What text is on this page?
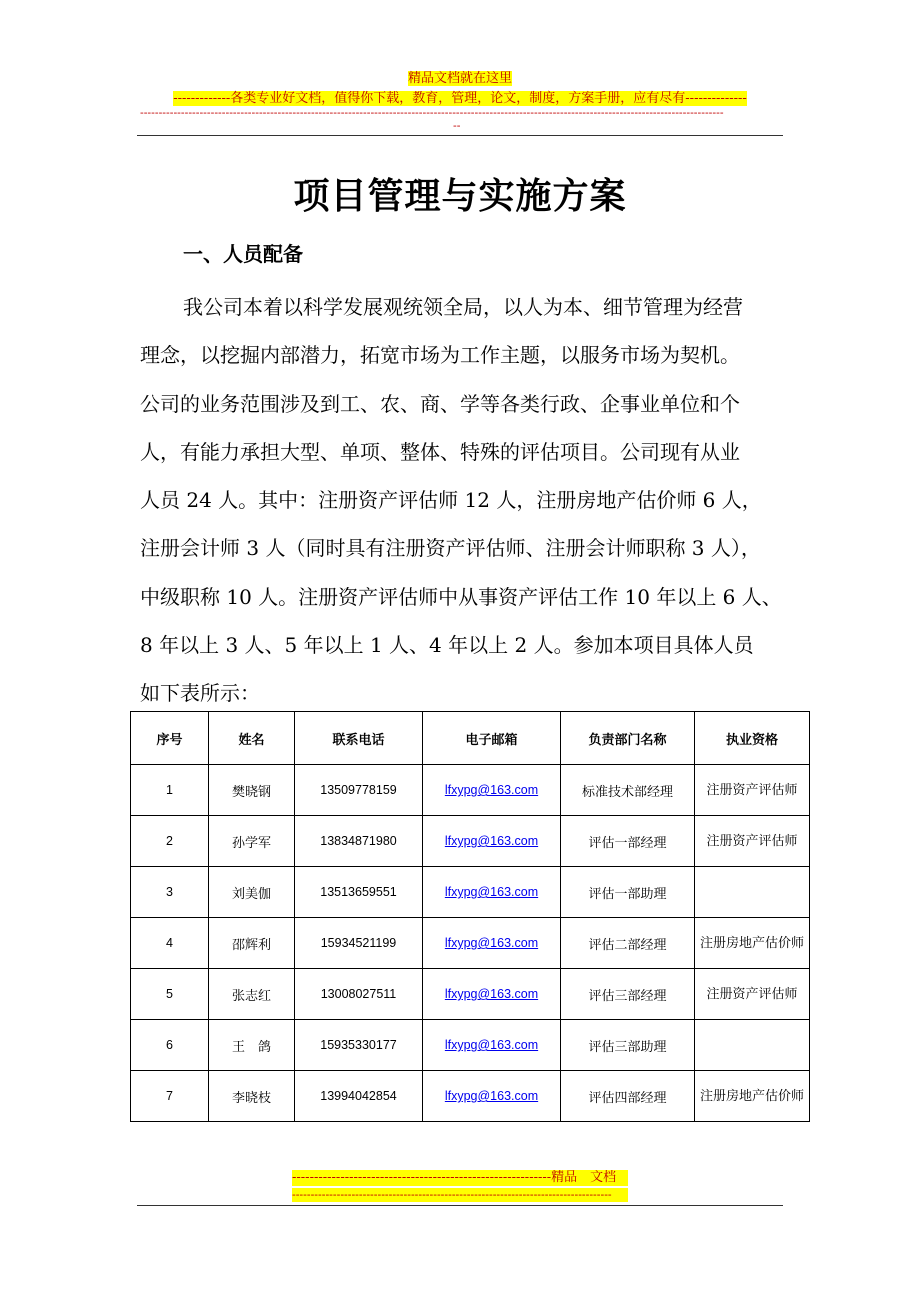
精品文档就在这里
-------------各类专业好文档，值得你下载，教育，管理，论文，制度，方案手册，应有尽有--------------
-------------------------------------------------------------------------------------------------------------------------------------------------------------
--
项目管理与实施方案
一、人员配备

我公司本着以科学发展观统领全局，以人为本、细节管理为经营
理念，以挖掘内部潜力，拓宽市场为工作主题，以服务市场为契机。
公司的业务范围涉及到工、农、商、学等各类行政、企事业单位和个
人，有能力承担大型、单项、整体、特殊的评估项目。公司现有从业
人员 24 人。其中：注册资产评估师 12 人，注册房地产估价师 6 人，
注册会计师 3 人（同时具有注册资产评估师、注册会计师职称 3 人），
中级职称 10 人。注册资产评估师中从事资产评估工作 10 年以上 6 人、
8 年以上 3 人、5 年以上 1 人、4 年以上 2 人。参加本项目具体人员
如下表所示：

序号	姓名	联系电话	电子邮箱	负责部门名称	执业资格
1	樊晓钢	13509778159	lfxypg@163.com	标准技术部经理	注册资产评估师
2	孙学军	13834871980	lfxypg@163.com	评估一部经理	注册资产评估师
3	刘美伽	13513659551	lfxypg@163.com	评估一部助理	
4	邵辉利	15934521199	lfxypg@163.com	评估二部经理	注册房地产估价师
5	张志红	13008027511	lfxypg@163.com	评估三部经理	注册资产评估师
6	王　鸽	15935330177	lfxypg@163.com	评估三部助理	
7	李晓枝	13994042854	lfxypg@163.com	评估四部经理	注册房地产估价师
-----------------------------------------------------------精品　文档
--------------------------------------------------------------------------------------
